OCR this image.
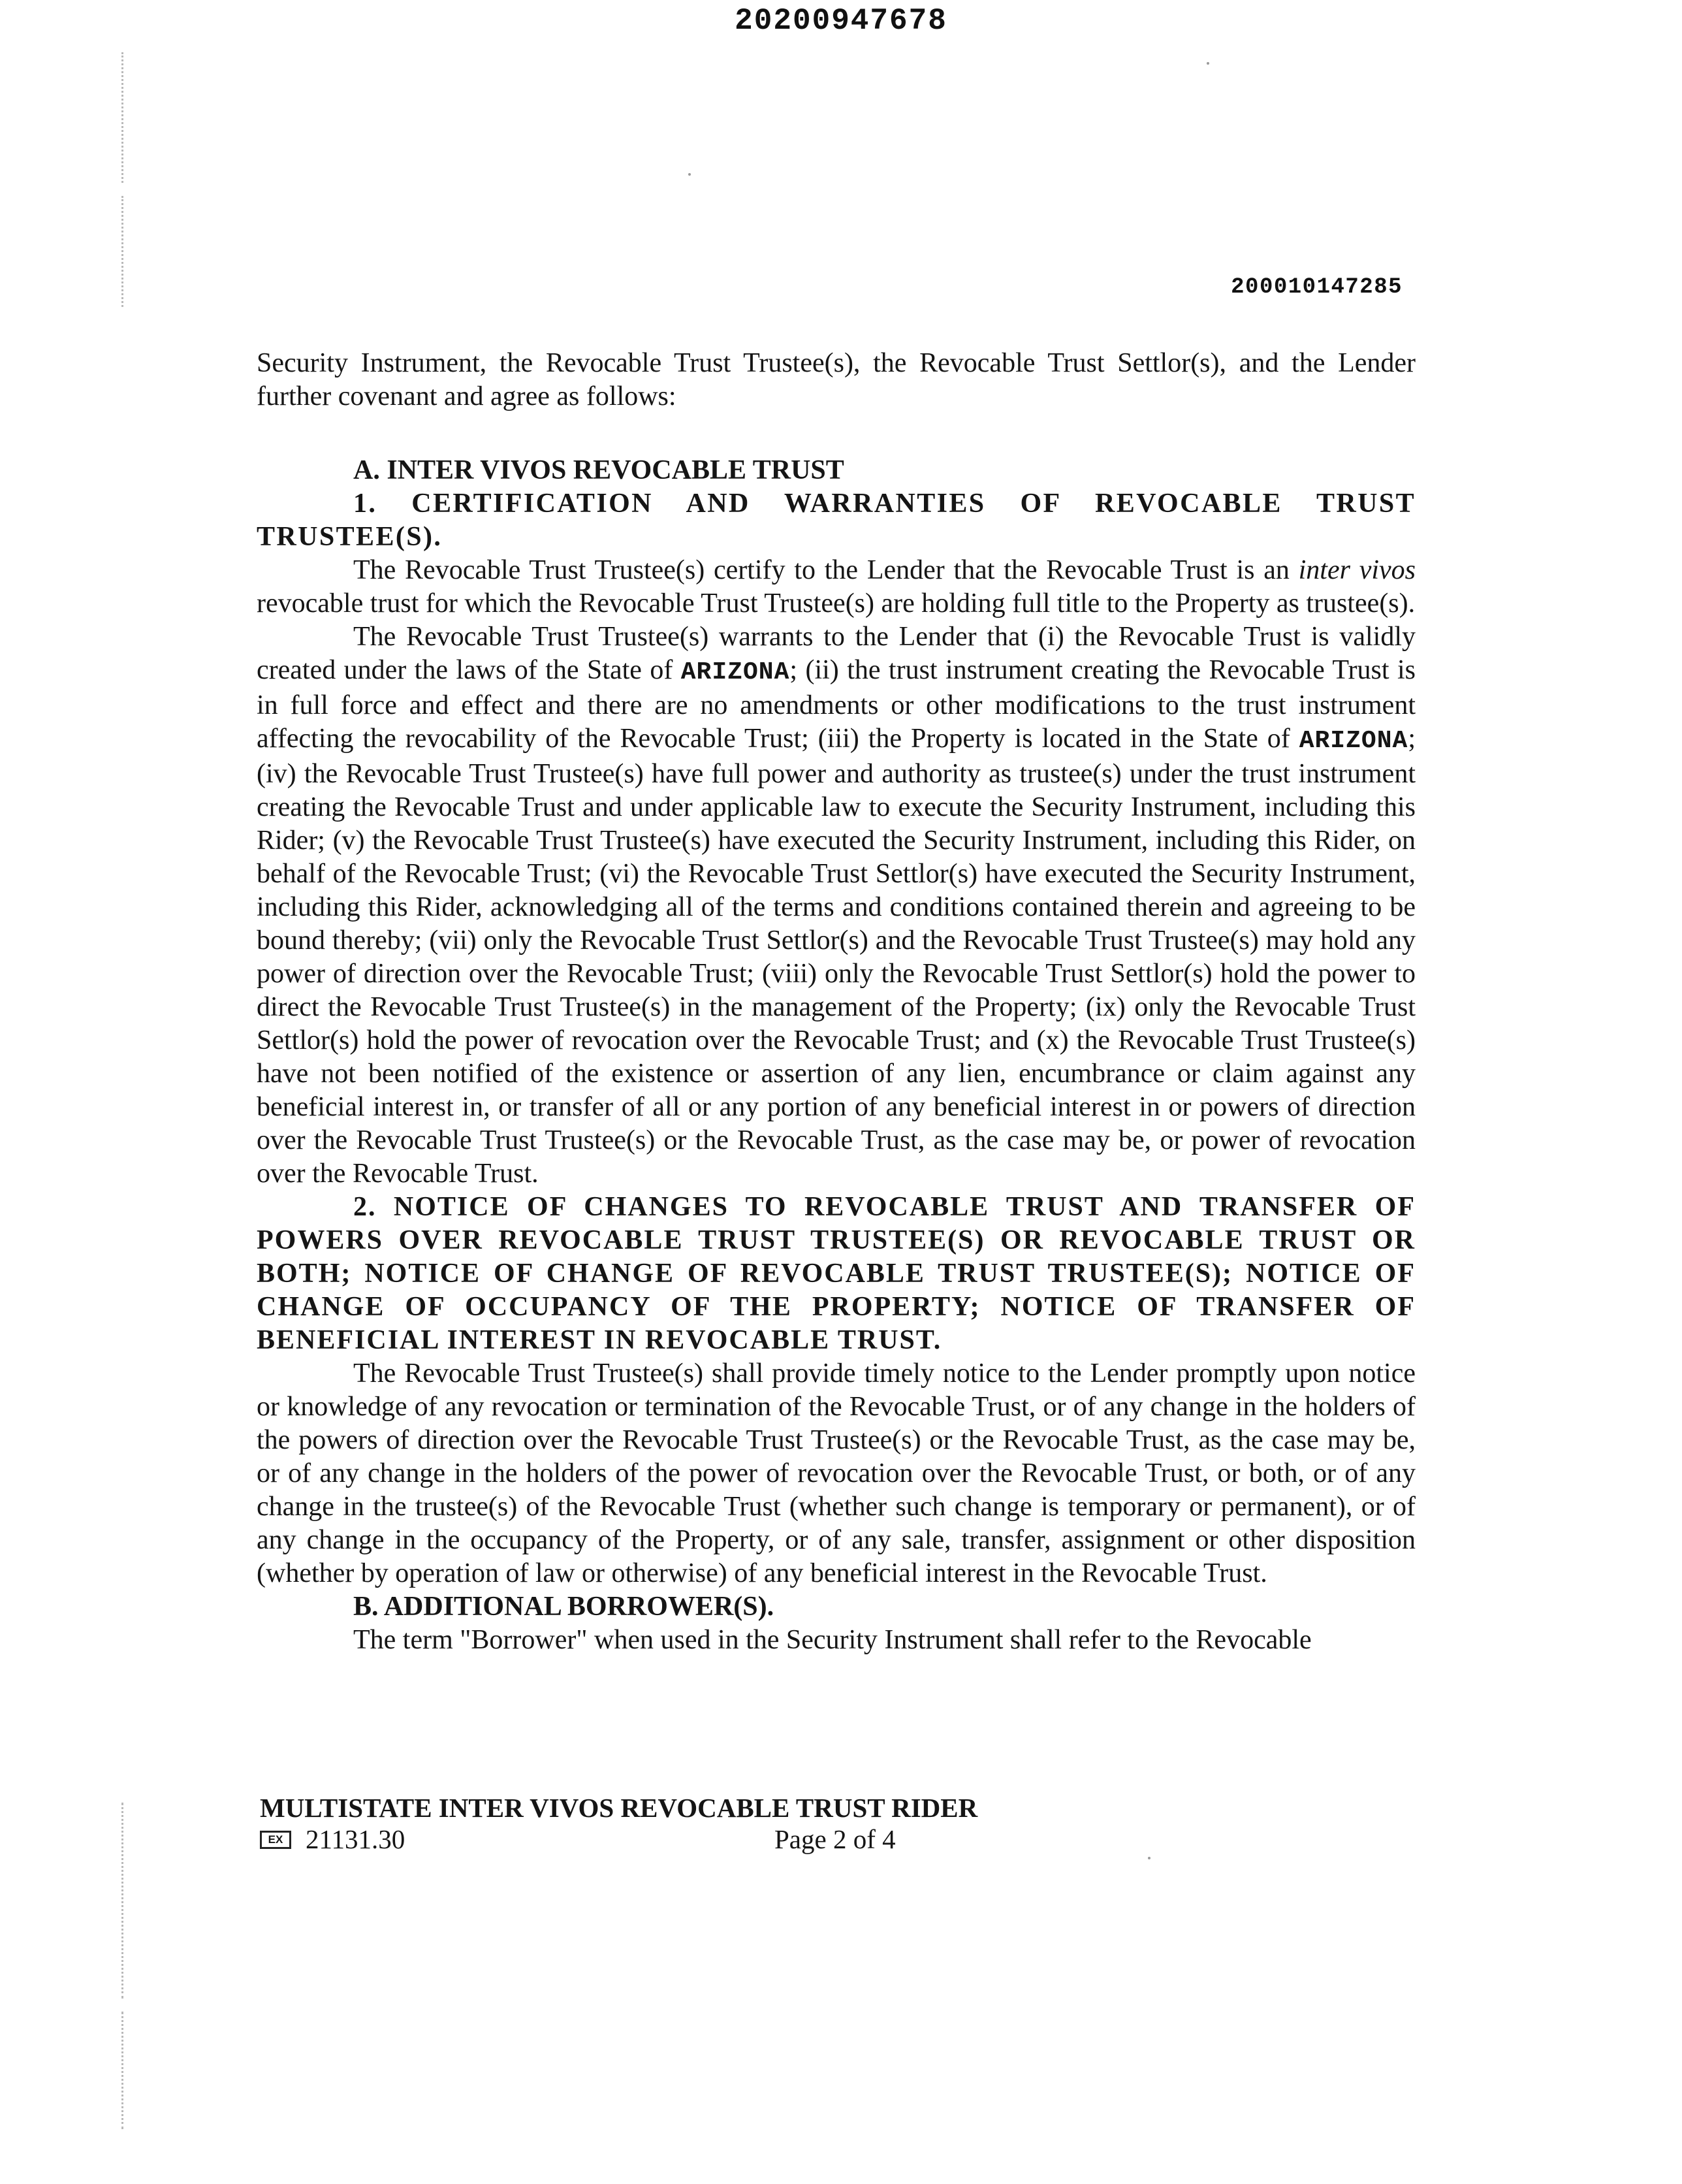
20200947678
200010147285

Security Instrument, the Revocable Trust Trustee(s), the Revocable Trust Settlor(s), and the Lender further covenant and agree as follows:

A. INTER VIVOS REVOCABLE TRUST

1. CERTIFICATION AND WARRANTIES OF REVOCABLE TRUST TRUSTEE(S).

The Revocable Trust Trustee(s) certify to the Lender that the Revocable Trust is an inter vivos revocable trust for which the Revocable Trust Trustee(s) are holding full title to the Property as trustee(s).

The Revocable Trust Trustee(s) warrants to the Lender that (i) the Revocable Trust is validly created under the laws of the State of ARIZONA; (ii) the trust instrument creating the Revocable Trust is in full force and effect and there are no amendments or other modifications to the trust instrument affecting the revocability of the Revocable Trust; (iii) the Property is located in the State of ARIZONA; (iv) the Revocable Trust Trustee(s) have full power and authority as trustee(s) under the trust instrument creating the Revocable Trust and under applicable law to execute the Security Instrument, including this Rider; (v) the Revocable Trust Trustee(s) have executed the Security Instrument, including this Rider, on behalf of the Revocable Trust; (vi) the Revocable Trust Settlor(s) have executed the Security Instrument, including this Rider, acknowledging all of the terms and conditions contained therein and agreeing to be bound thereby; (vii) only the Revocable Trust Settlor(s) and the Revocable Trust Trustee(s) may hold any power of direction over the Revocable Trust; (viii) only the Revocable Trust Settlor(s) hold the power to direct the Revocable Trust Trustee(s) in the management of the Property; (ix) only the Revocable Trust Settlor(s) hold the power of revocation over the Revocable Trust; and (x) the Revocable Trust Trustee(s) have not been notified of the existence or assertion of any lien, encumbrance or claim against any beneficial interest in, or transfer of all or any portion of any beneficial interest in or powers of direction over the Revocable Trust Trustee(s) or the Revocable Trust, as the case may be, or power of revocation over the Revocable Trust.

2. NOTICE OF CHANGES TO REVOCABLE TRUST AND TRANSFER OF POWERS OVER REVOCABLE TRUST TRUSTEE(S) OR REVOCABLE TRUST OR BOTH; NOTICE OF CHANGE OF REVOCABLE TRUST TRUSTEE(S); NOTICE OF CHANGE OF OCCUPANCY OF THE PROPERTY; NOTICE OF TRANSFER OF BENEFICIAL INTEREST IN REVOCABLE TRUST.

The Revocable Trust Trustee(s) shall provide timely notice to the Lender promptly upon notice or knowledge of any revocation or termination of the Revocable Trust, or of any change in the holders of the powers of direction over the Revocable Trust Trustee(s) or the Revocable Trust, as the case may be, or of any change in the holders of the power of revocation over the Revocable Trust, or both, or of any change in the trustee(s) of the Revocable Trust (whether such change is temporary or permanent), or of any change in the occupancy of the Property, or of any sale, transfer, assignment or other disposition (whether by operation of law or otherwise) of any beneficial interest in the Revocable Trust.

B. ADDITIONAL BORROWER(S).

The term "Borrower" when used in the Security Instrument shall refer to the Revocable

MULTISTATE INTER VIVOS REVOCABLE TRUST RIDER
EX 21131.30	Page 2 of 4
